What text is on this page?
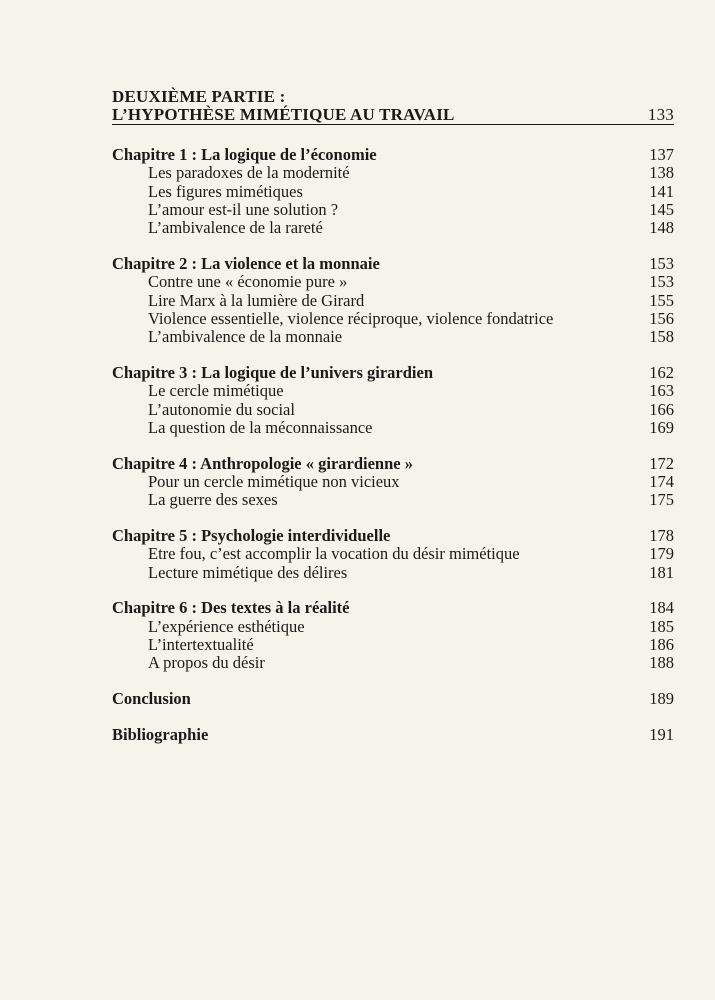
DEUXIÈME PARTIE :
L’HYPOTHÈSE MIMÉTIQUE AU TRAVAIL	133
Chapitre 1 : La logique de l’économie	137
Les paradoxes de la modernité	138
Les figures mimétiques	141
L’amour est-il une solution ?	145
L’ambivalence de la rareté	148
Chapitre 2 : La violence et la monnaie	153
Contre une « économie pure »	153
Lire Marx à la lumière de Girard	155
Violence essentielle, violence réciproque, violence fondatrice	156
L’ambivalence de la monnaie	158
Chapitre 3 : La logique de l’univers girardien	162
Le cercle mimétique	163
L’autonomie du social	166
La question de la méconnaissance	169
Chapitre 4 : Anthropologie « girardienne »	172
Pour un cercle mimétique non vicieux	174
La guerre des sexes	175
Chapitre 5 : Psychologie interdividuelle	178
Etre fou, c’est accomplir la vocation du désir mimétique	179
Lecture mimétique des délires	181
Chapitre 6 : Des textes à la réalité	184
L’expérience esthétique	185
L’intertextualité	186
A propos du désir	188
Conclusion	189
Bibliographie	191
